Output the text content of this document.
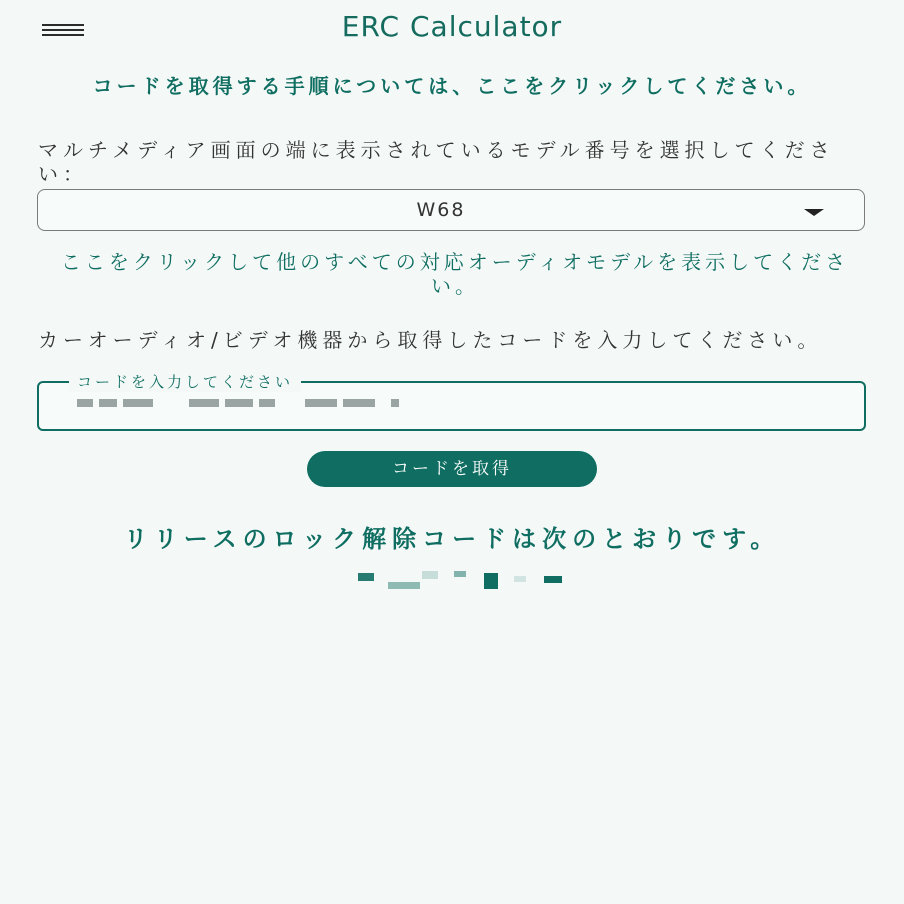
ERC Calculator
コードを取得する手順については、ここをクリックしてください。
マルチメディア画面の端に表示されているモデル番号を選択してください：
W68
ここをクリックして他のすべての対応オーディオモデルを表示してください。
カーオーディオ/ビデオ機器から取得したコードを入力してください。
コードを入力してください
コードを取得
リリースのロック解除コードは次のとおりです。
